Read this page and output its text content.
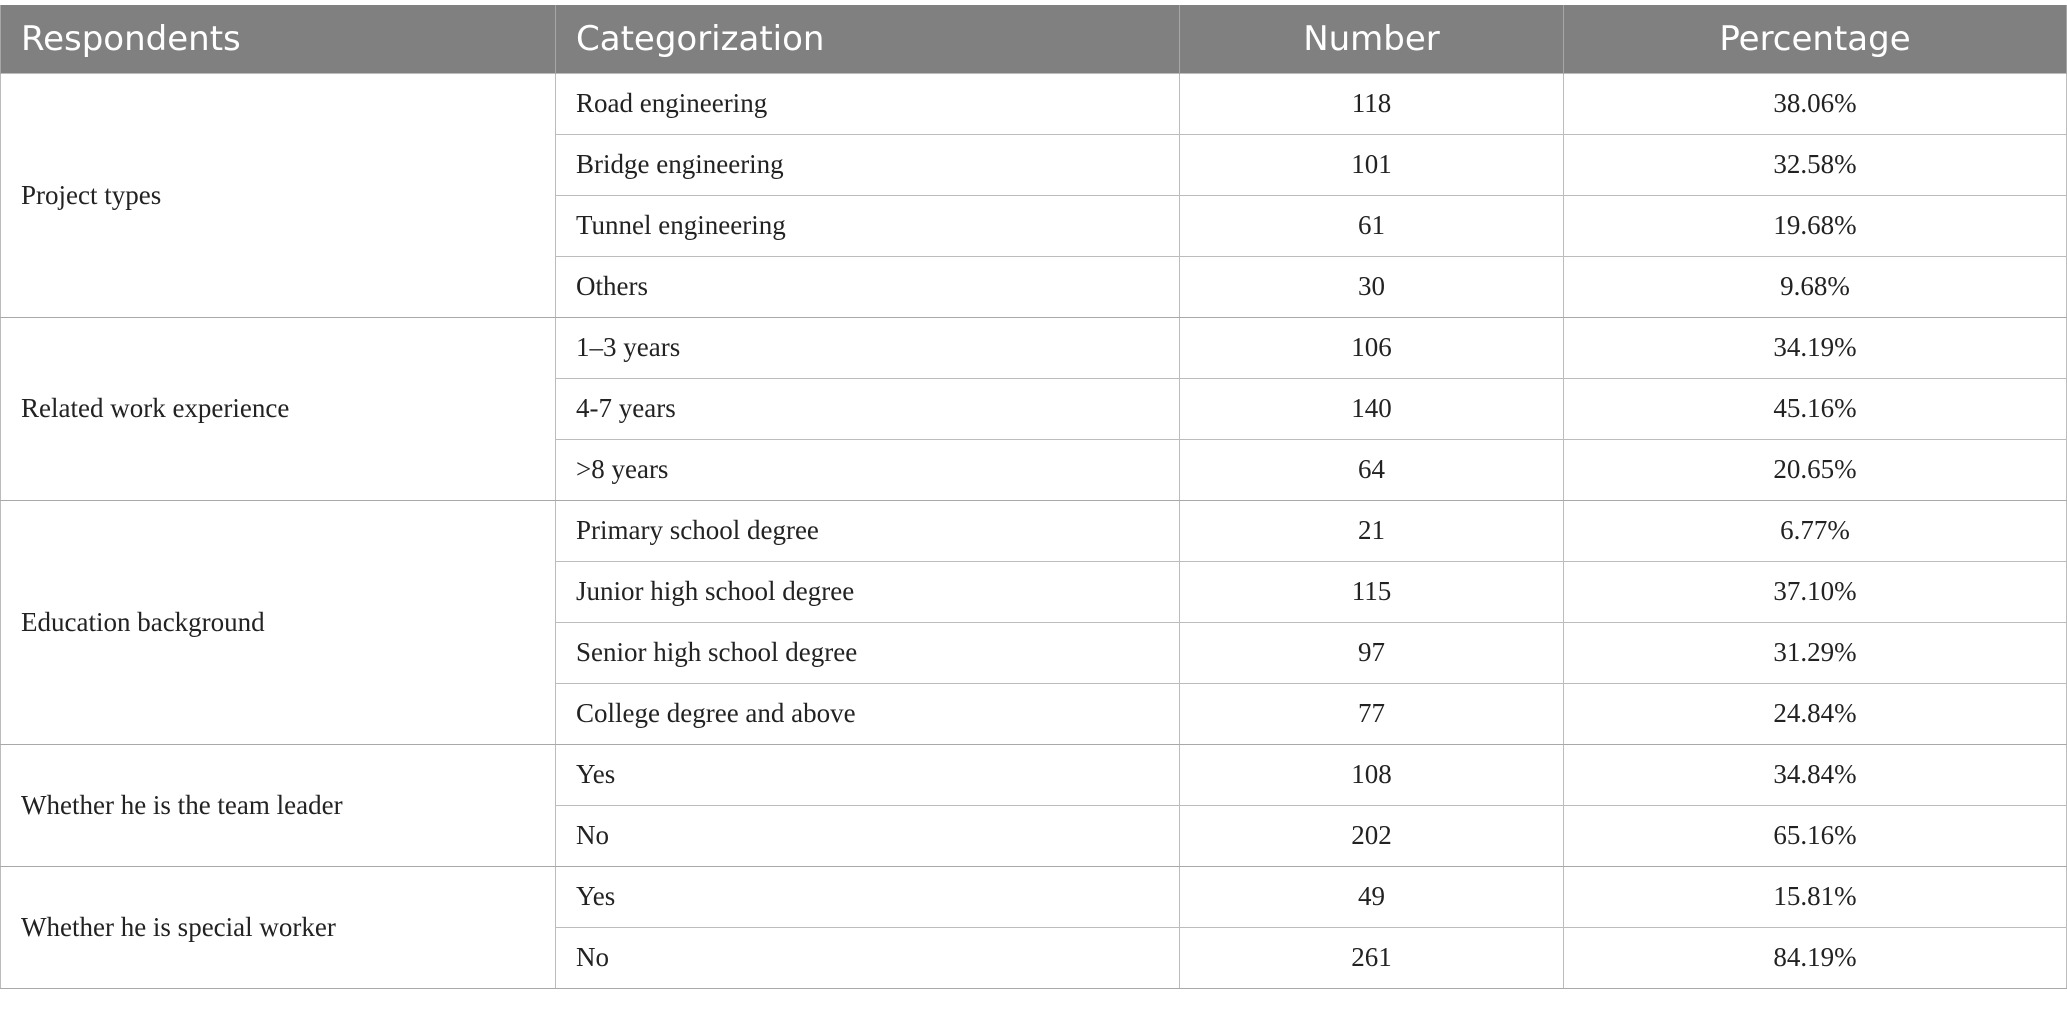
Respondents	Categorization	Number	Percentage
Project types	Road engineering	118	38.06%
	Bridge engineering	101	32.58%
	Tunnel engineering	61	19.68%
	Others	30	9.68%
Related work experience	1–3 years	106	34.19%
	4-7 years	140	45.16%
	>8 years	64	20.65%
Education background	Primary school degree	21	6.77%
	Junior high school degree	115	37.10%
	Senior high school degree	97	31.29%
	College degree and above	77	24.84%
Whether he is the team leader	Yes	108	34.84%
	No	202	65.16%
Whether he is special worker	Yes	49	15.81%
	No	261	84.19%
